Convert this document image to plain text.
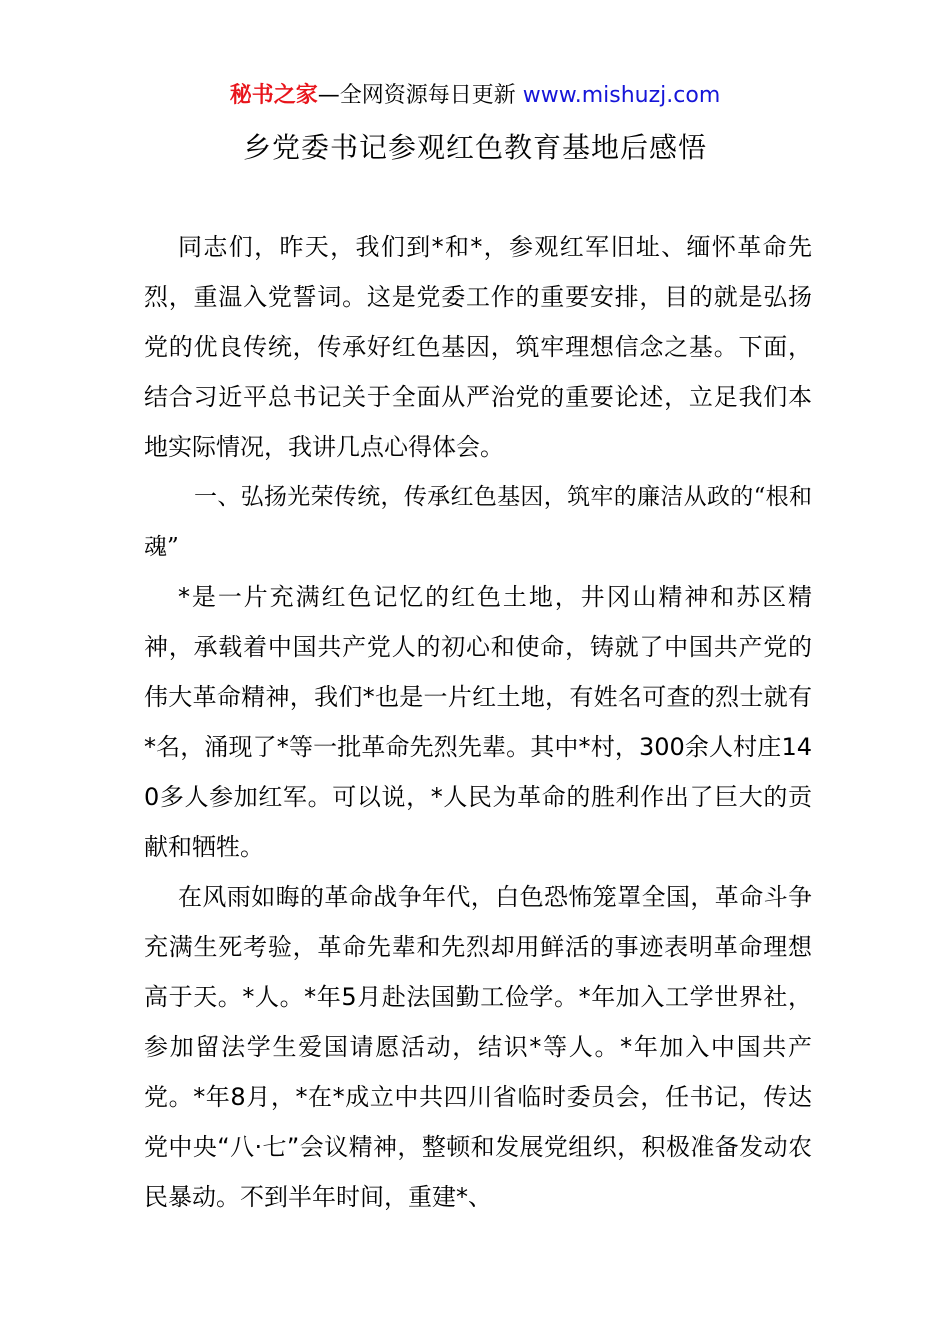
秘书之家—全网资源每日更新 www.mishuzj.com
乡党委书记参观红色教育基地后感悟

同志们，昨天，我们到*和*，参观红军旧址、缅怀革命先烈，重温入党誓词。这是党委工作的重要安排，目的就是弘扬党的优良传统，传承好红色基因，筑牢理想信念之基。下面，结合习近平总书记关于全面从严治党的重要论述，立足我们本地实际情况，我讲几点心得体会。

一、弘扬光荣传统，传承红色基因，筑牢的廉洁从政的“根和魂”

*是一片充满红色记忆的红色土地，井冈山精神和苏区精神，承载着中国共产党人的初心和使命，铸就了中国共产党的伟大革命精神，我们*也是一片红土地，有姓名可查的烈士就有*名，涌现了*等一批革命先烈先辈。其中*村，300余人村庄140多人参加红军。可以说，*人民为革命的胜利作出了巨大的贡献和牺牲。

在风雨如晦的革命战争年代，白色恐怖笼罩全国，革命斗争充满生死考验，革命先辈和先烈却用鲜活的事迹表明革命理想高于天。*人。*年5月赴法国勤工俭学。*年加入工学世界社，参加留法学生爱国请愿活动，结识*等人。*年加入中国共产党。*年8月，*在*成立中共四川省临时委员会，任书记，传达党中央“八·七”会议精神，整顿和发展党组织，积极准备发动农民暴动。不到半年时间，重建*、
